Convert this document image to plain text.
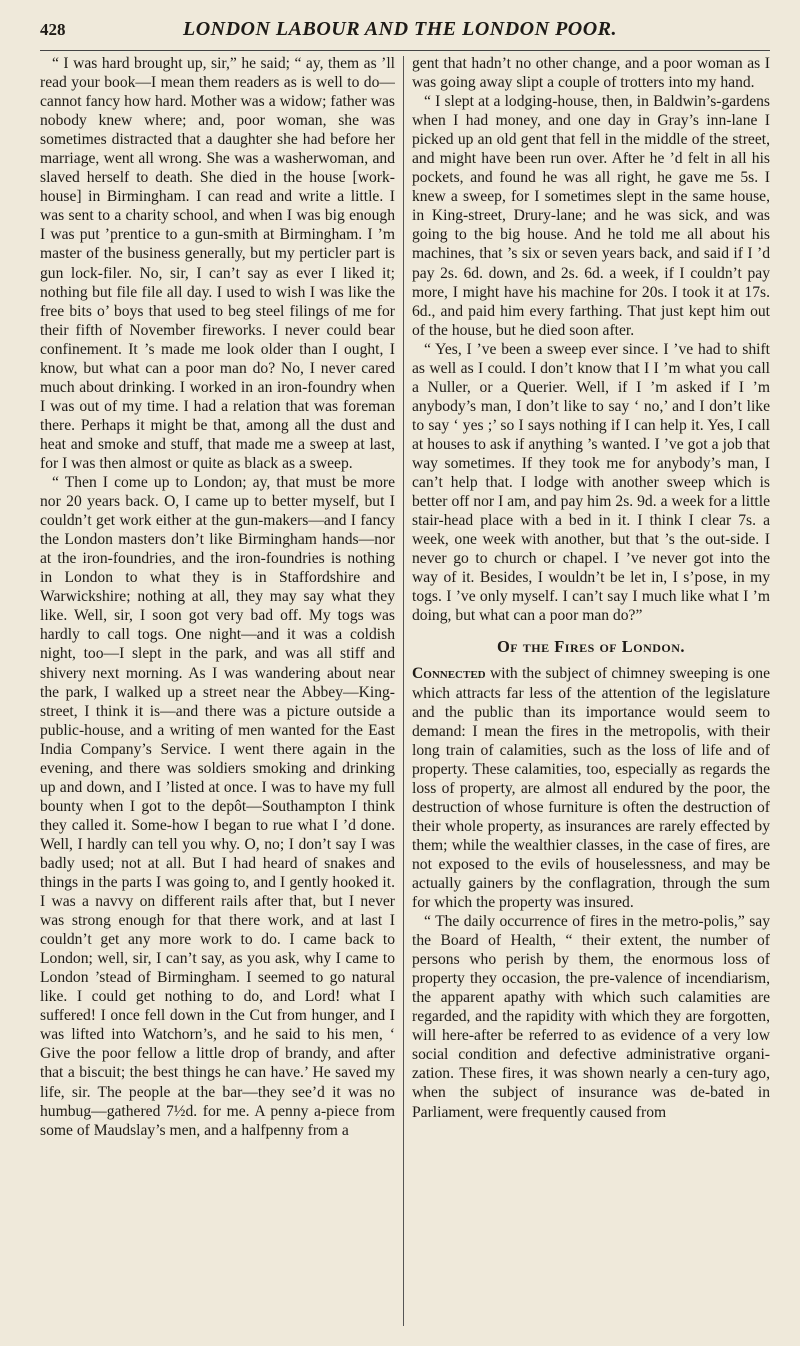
428	LONDON LABOUR AND THE LONDON POOR.

“ I was hard brought up, sir,” he said; “ ay, them as ’ll read your book—I mean them readers as is well to do—cannot fancy how hard. Mother was a widow; father was nobody knew where; and, poor woman, she was sometimes distracted that a daughter she had before her marriage, went all wrong. She was a washerwoman, and slaved herself to death. She died in the house [work-house] in Birmingham. I can read and write a little. I was sent to a charity school, and when I was big enough I was put ’prentice to a gun-smith at Birmingham. I ’m master of the business generally, but my perticler part is gun lock-filer. No, sir, I can’t say as ever I liked it; nothing but file file all day. I used to wish I was like the free bits o’ boys that used to beg steel filings of me for their fifth of November fireworks. I never could bear confinement. It ’s made me look older than I ought, I know, but what can a poor man do? No, I never cared much about drinking. I worked in an iron-foundry when I was out of my time. I had a relation that was foreman there. Perhaps it might be that, among all the dust and heat and smoke and stuff, that made me a sweep at last, for I was then almost or quite as black as a sweep.

“ Then I come up to London; ay, that must be more nor 20 years back. O, I came up to better myself, but I couldn’t get work either at the gun-makers—and I fancy the London masters don’t like Birmingham hands—nor at the iron-foundries, and the iron-foundries is nothing in London to what they is in Staffordshire and Warwickshire; nothing at all, they may say what they like. Well, sir, I soon got very bad off. My togs was hardly to call togs. One night—and it was a coldish night, too—I slept in the park, and was all stiff and shivery next morning. As I was wandering about near the park, I walked up a street near the Abbey—King-street, I think it is—and there was a picture outside a public-house, and a writing of men wanted for the East India Company’s Service. I went there again in the evening, and there was soldiers smoking and drinking up and down, and I ’listed at once. I was to have my full bounty when I got to the depôt—Southampton I think they called it. Some-how I began to rue what I ’d done. Well, I hardly can tell you why. O, no; I don’t say I was badly used; not at all. But I had heard of snakes and things in the parts I was going to, and I gently hooked it. I was a navvy on different rails after that, but I never was strong enough for that there work, and at last I couldn’t get any more work to do. I came back to London; well, sir, I can’t say, as you ask, why I came to London ’stead of Birmingham. I seemed to go natural like. I could get nothing to do, and Lord! what I suffered! I once fell down in the Cut from hunger, and I was lifted into Watchorn’s, and he said to his men, ‘ Give the poor fellow a little drop of brandy, and after that a biscuit; the best things he can have.’ He saved my life, sir. The people at the bar—they see’d it was no humbug—gathered 7½d. for me. A penny a-piece from some of Maudslay’s men, and a halfpenny from a

gent that hadn’t no other change, and a poor woman as I was going away slipt a couple of trotters into my hand.

“ I slept at a lodging-house, then, in Baldwin’s-gardens when I had money, and one day in Gray’s inn-lane I picked up an old gent that fell in the middle of the street, and might have been run over. After he ’d felt in all his pockets, and found he was all right, he gave me 5s. I knew a sweep, for I sometimes slept in the same house, in King-street, Drury-lane; and he was sick, and was going to the big house. And he told me all about his machines, that ’s six or seven years back, and said if I ’d pay 2s. 6d. down, and 2s. 6d. a week, if I couldn’t pay more, I might have his machine for 20s. I took it at 17s. 6d., and paid him every farthing. That just kept him out of the house, but he died soon after.

“ Yes, I ’ve been a sweep ever since. I ’ve had to shift as well as I could. I don’t know that I I ’m what you call a Nuller, or a Querier. Well, if I ’m asked if I ’m anybody’s man, I don’t like to say ‘ no,’ and I don’t like to say ‘ yes ;’ so I says nothing if I can help it. Yes, I call at houses to ask if anything ’s wanted. I ’ve got a job that way sometimes. If they took me for anybody’s man, I can’t help that. I lodge with another sweep which is better off nor I am, and pay him 2s. 9d. a week for a little stair-head place with a bed in it. I think I clear 7s. a week, one week with another, but that ’s the out-side. I never go to church or chapel. I ’ve never got into the way of it. Besides, I wouldn’t be let in, I s’pose, in my togs. I ’ve only myself. I can’t say I much like what I ’m doing, but what can a poor man do?”

Of the Fires of London.

Connected with the subject of chimney sweeping is one which attracts far less of the attention of the legislature and the public than its importance would seem to demand: I mean the fires in the metropolis, with their long train of calamities, such as the loss of life and of property. These calamities, too, especially as regards the loss of property, are almost all endured by the poor, the destruction of whose furniture is often the destruction of their whole property, as insurances are rarely effected by them; while the wealthier classes, in the case of fires, are not exposed to the evils of houselessness, and may be actually gainers by the conflagration, through the sum for which the property was insured.

“ The daily occurrence of fires in the metro-polis,” say the Board of Health, “ their extent, the number of persons who perish by them, the enormous loss of property they occasion, the pre-valence of incendiarism, the apparent apathy with which such calamities are regarded, and the rapidity with which they are forgotten, will here-after be referred to as evidence of a very low social condition and defective administrative organi-zation. These fires, it was shown nearly a cen-tury ago, when the subject of insurance was de-bated in Parliament, were frequently caused from
